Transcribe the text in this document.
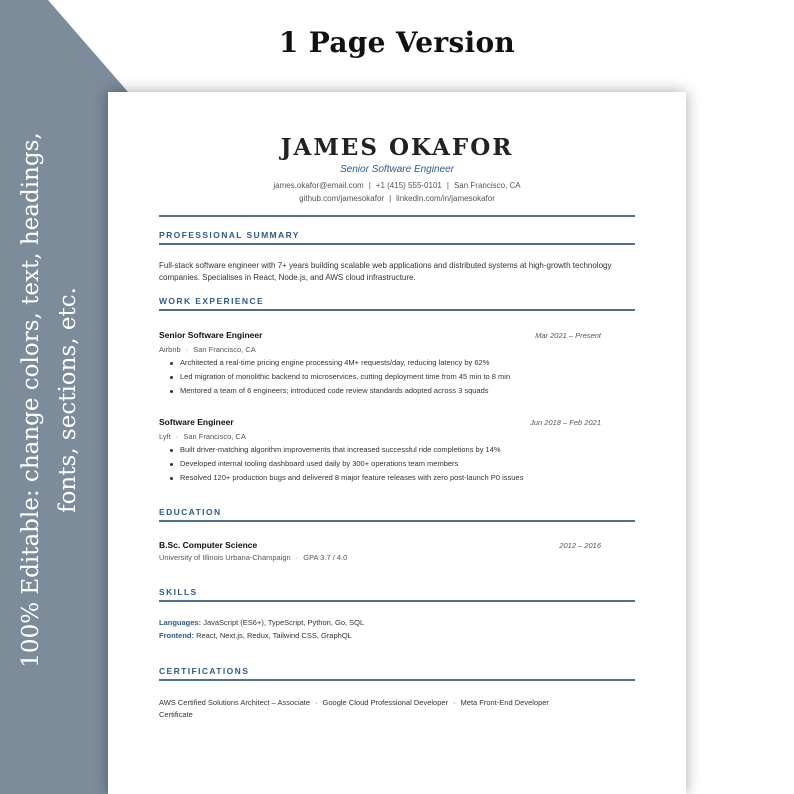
100% Editable: change colors, text, headings, fonts, sections, etc.
1 Page Version
JAMES OKAFOR
Senior Software Engineer
james.okafor@email.com | +1 (415) 555-0101 | San Francisco, CA
github.com/jamesokafor | linkedin.com/in/jamesokafor
PROFESSIONAL SUMMARY
Full-stack software engineer with 7+ years building scalable web applications and distributed systems at high-growth technology companies. Specialises in React, Node.js, and AWS cloud infrastructure.
WORK EXPERIENCE
Senior Software Engineer	Mar 2021 – Present
Airbnb · San Francisco, CA
Architected a real-time pricing engine processing 4M+ requests/day, reducing latency by 62%
Led migration of monolithic backend to microservices, cutting deployment time from 45 min to 8 min
Mentored a team of 6 engineers; introduced code review standards adopted across 3 squads
Software Engineer	Jun 2018 – Feb 2021
Lyft · San Francisco, CA
Built driver-matching algorithm improvements that increased successful ride completions by 14%
Developed internal tooling dashboard used daily by 300+ operations team members
Resolved 120+ production bugs and delivered 8 major feature releases with zero post-launch P0 issues
EDUCATION
B.Sc. Computer Science	2012 – 2016
University of Illinois Urbana-Champaign · GPA 3.7 / 4.0
SKILLS
Languages: JavaScript (ES6+), TypeScript, Python, Go, SQL
Frontend: React, Next.js, Redux, Tailwind CSS, GraphQL
CERTIFICATIONS
AWS Certified Solutions Architect – Associate · Google Cloud Professional Developer · Meta Front-End Developer
Certificate
